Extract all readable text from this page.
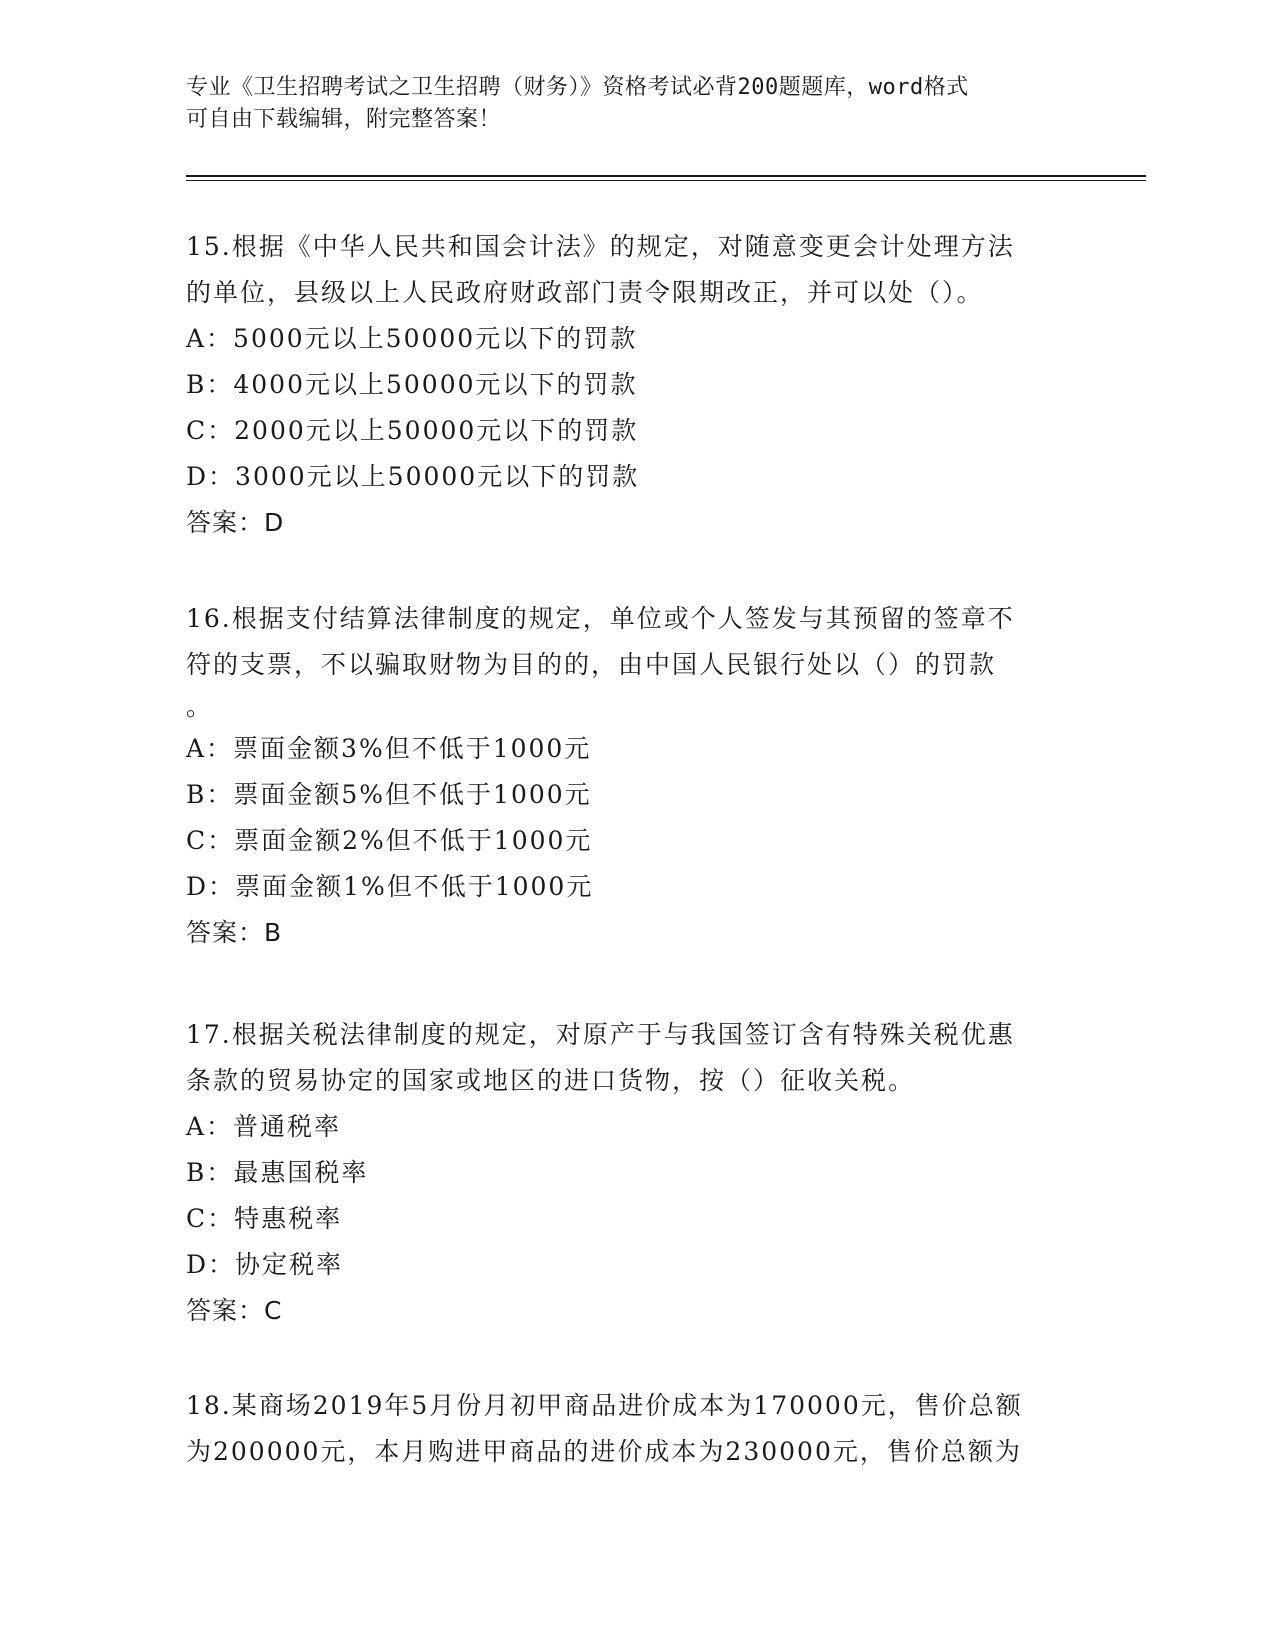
专业《卫生招聘考试之卫生招聘（财务）》资格考试必背200题题库，word格式
可自由下载编辑，附完整答案！
15.根据《中华人民共和国会计法》的规定，对随意变更会计处理方法
的单位，县级以上人民政府财政部门责令限期改正，并可以处（）。
A：5000元以上50000元以下的罚款
B：4000元以上50000元以下的罚款
C：2000元以上50000元以下的罚款
D：3000元以上50000元以下的罚款
答案：D
16.根据支付结算法律制度的规定，单位或个人签发与其预留的签章不
符的支票，不以骗取财物为目的的，由中国人民银行处以（）的罚款
。
A：票面金额3%但不低于1000元
B：票面金额5%但不低于1000元
C：票面金额2%但不低于1000元
D：票面金额1%但不低于1000元
答案：B
17.根据关税法律制度的规定，对原产于与我国签订含有特殊关税优惠
条款的贸易协定的国家或地区的进口货物，按（）征收关税。
A：普通税率
B：最惠国税率
C：特惠税率
D：协定税率
答案：C
18.某商场2019年5月份月初甲商品进价成本为170000元，售价总额
为200000元，本月购进甲商品的进价成本为230000元，售价总额为
